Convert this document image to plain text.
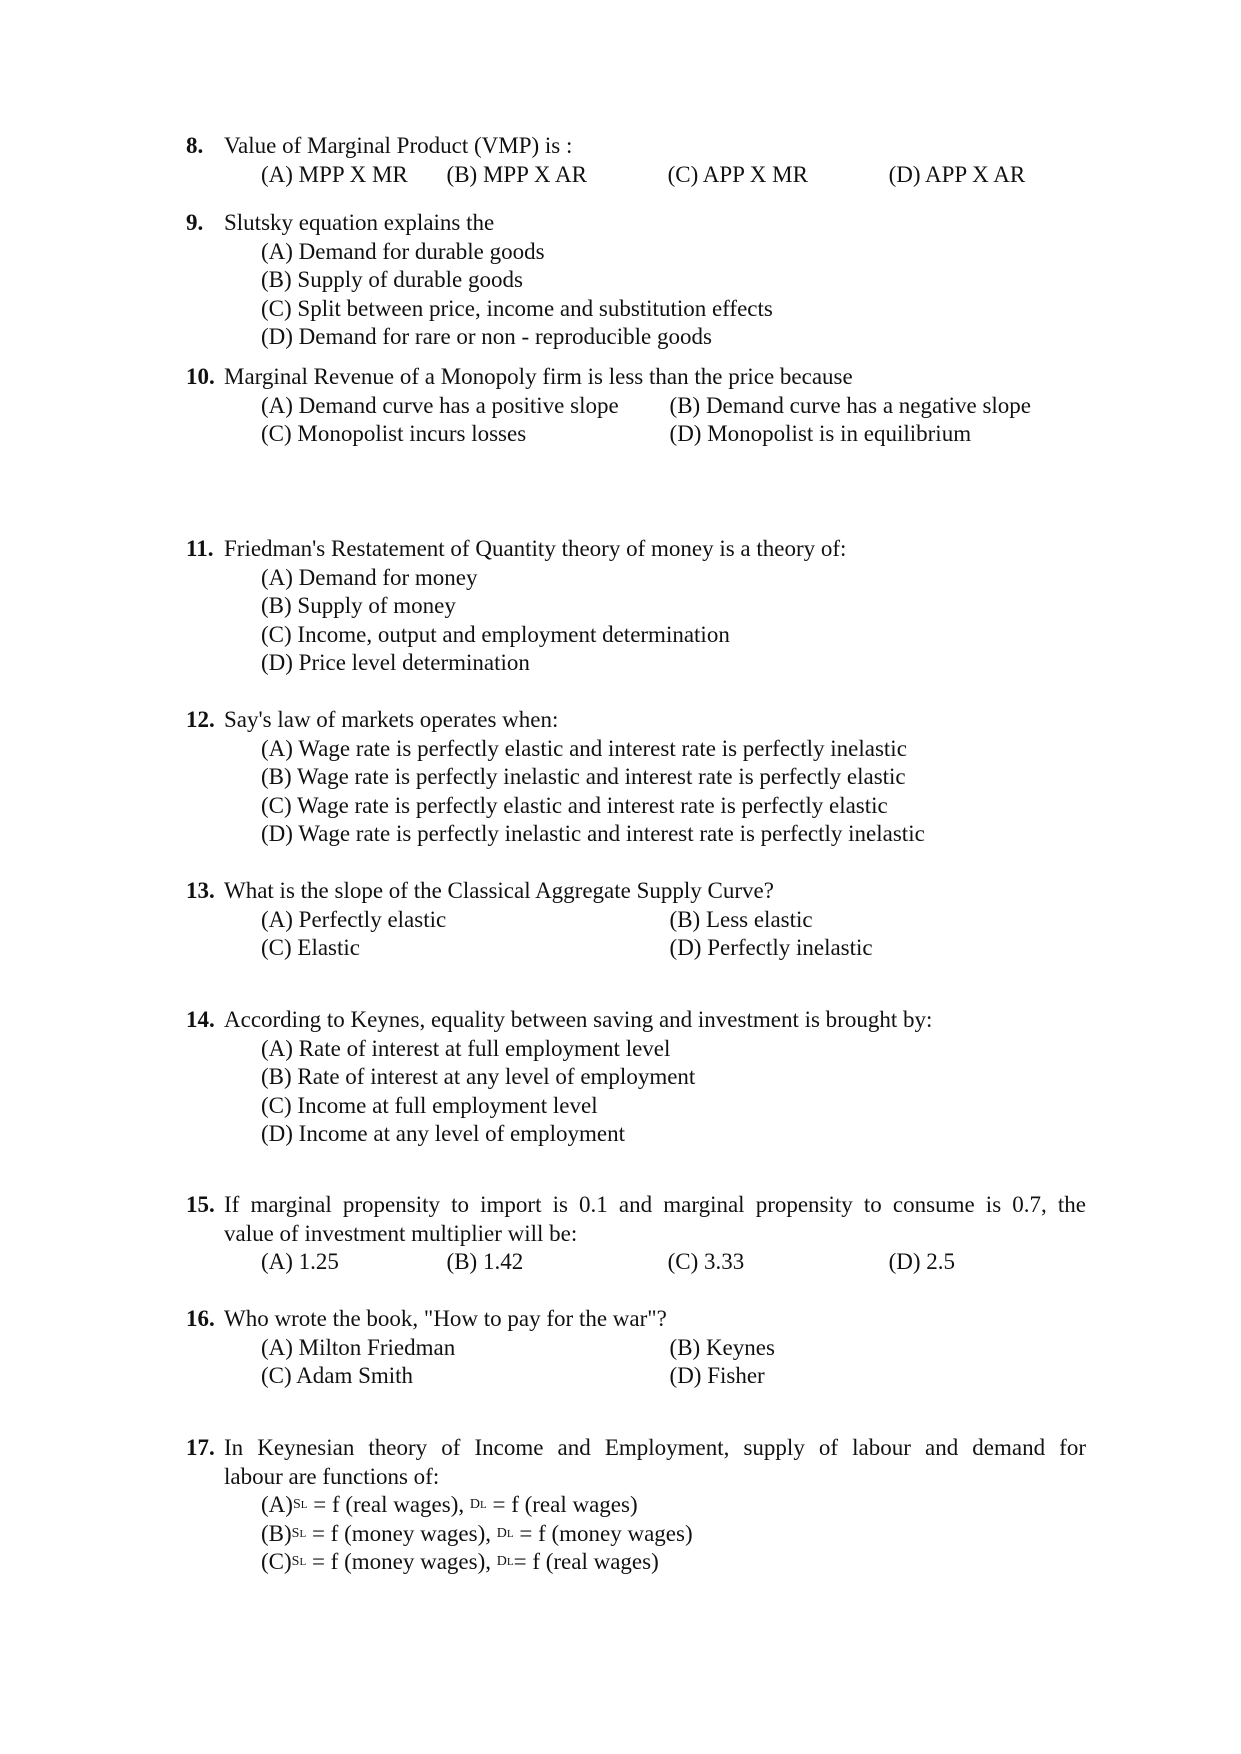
8. Value of Marginal Product (VMP) is :
(A) MPP X MR	(B) MPP X AR	(C) APP X MR	(D) APP X AR
9. Slutsky equation explains the
(A) Demand for durable goods
(B) Supply of durable goods
(C) Split between price, income and substitution effects
(D) Demand for rare or non - reproducible goods
10. Marginal Revenue of a Monopoly firm is less than the price because
(A) Demand curve has a positive slope	(B) Demand curve has a negative slope
(C) Monopolist incurs losses	(D) Monopolist is in equilibrium
11. Friedman's Restatement of Quantity theory of money is a theory of:
(A) Demand for money
(B) Supply of money
(C) Income, output and employment determination
(D) Price level determination
12. Say's law of markets operates when:
(A) Wage rate is perfectly elastic and interest rate is perfectly inelastic
(B) Wage rate is perfectly inelastic and interest rate is perfectly elastic
(C) Wage rate is perfectly elastic and interest rate is perfectly elastic
(D) Wage rate is perfectly inelastic and interest rate is perfectly inelastic
13. What is the slope of the Classical Aggregate Supply Curve?
(A) Perfectly elastic	(B) Less elastic
(C) Elastic	(D) Perfectly inelastic
14. According to Keynes, equality between saving and investment is brought by:
(A) Rate of interest at full employment level
(B) Rate of interest at any level of employment
(C) Income at full employment level
(D) Income at any level of employment
15. If marginal propensity to import is 0.1 and marginal propensity to consume is 0.7, the
value of investment multiplier will be:
(A) 1.25	(B) 1.42	(C) 3.33	(D) 2.5
16. Who wrote the book, "How to pay for the war"?
(A) Milton Friedman	(B) Keynes
(C) Adam Smith	(D) Fisher
17. In Keynesian theory of Income and Employment, supply of labour and demand for
labour are functions of:
(A) S L = f (real wages), D L = f (real wages)
(B) S L = f (money wages), D L = f (money wages)
(C) S L = f (money wages), D L = f (real wages)
